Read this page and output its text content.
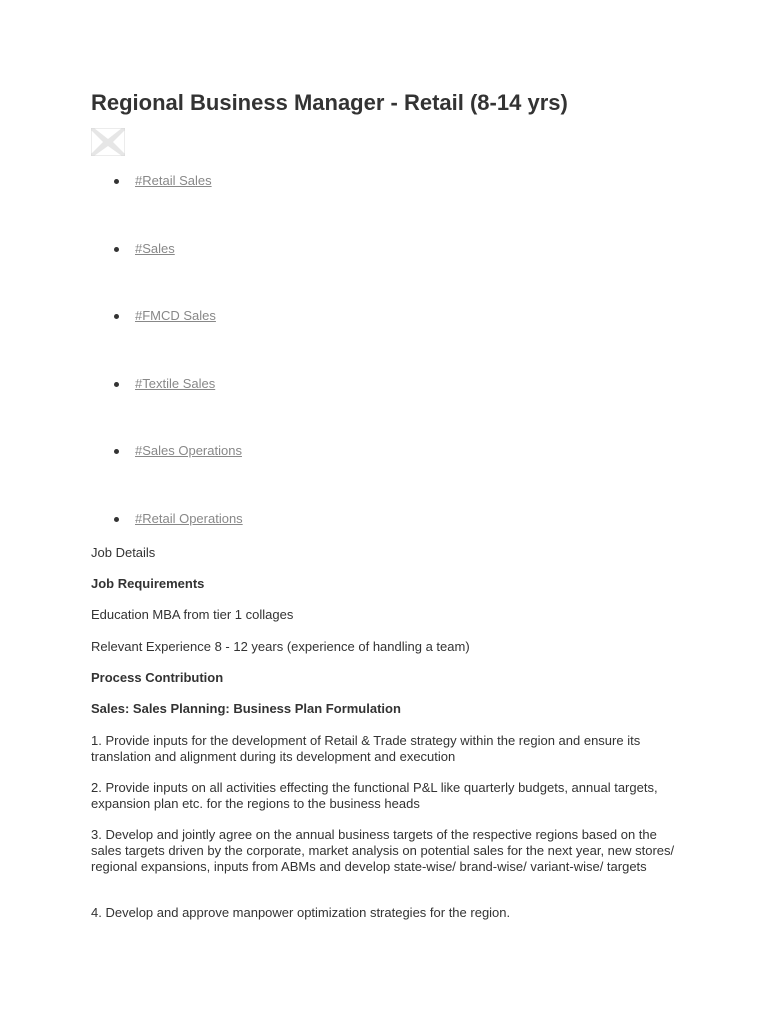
Regional Business Manager - Retail (8-14 yrs)
#Retail Sales
#Sales
#FMCD Sales
#Textile Sales
#Sales Operations
#Retail Operations

Job Details

Job Requirements

Education MBA from tier 1 collages

Relevant Experience 8 - 12 years (experience of handling a team)

Process Contribution

Sales: Sales Planning: Business Plan Formulation

1. Provide inputs for the development of Retail & Trade strategy within the region and ensure its translation and alignment during its development and execution

2. Provide inputs on all activities effecting the functional P&L like quarterly budgets, annual targets, expansion plan etc. for the regions to the business heads

3. Develop and jointly agree on the annual business targets of the respective regions based on the sales targets driven by the corporate, market analysis on potential sales for the next year, new stores/ regional expansions, inputs from ABMs and develop state-wise/ brand-wise/ variant-wise/ targets

4. Develop and approve manpower optimization strategies for the region.
